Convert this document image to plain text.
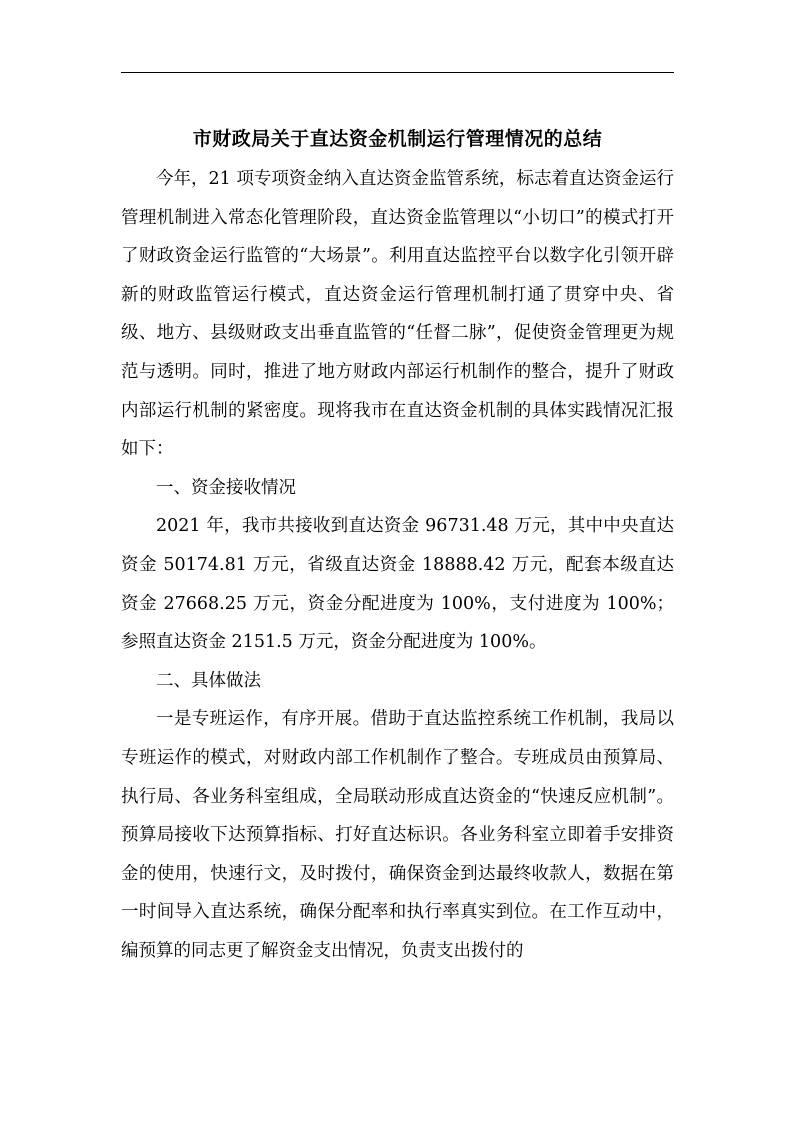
市财政局关于直达资金机制运行管理情况的总结

今年，21 项专项资金纳入直达资金监管系统，标志着直达资金运行管理机制进入常态化管理阶段，直达资金监管理以“小切口”的模式打开了财政资金运行监管的“大场景”。利用直达监控平台以数字化引领开辟新的财政监管运行模式，直达资金运行管理机制打通了贯穿中央、省级、地方、县级财政支出垂直监管的“任督二脉”，促使资金管理更为规范与透明。同时，推进了地方财政内部运行机制作的整合，提升了财政内部运行机制的紧密度。现将我市在直达资金机制的具体实践情况汇报如下：

一、资金接收情况

2021 年，我市共接收到直达资金 96731.48 万元，其中中央直达资金 50174.81 万元，省级直达资金 18888.42 万元，配套本级直达资金 27668.25 万元，资金分配进度为 100%，支付进度为 100%；参照直达资金 2151.5 万元，资金分配进度为 100%。

二、具体做法

一是专班运作，有序开展。借助于直达监控系统工作机制，我局以专班运作的模式，对财政内部工作机制作了整合。专班成员由预算局、执行局、各业务科室组成，全局联动形成直达资金的“快速反应机制”。预算局接收下达预算指标、打好直达标识。各业务科室立即着手安排资金的使用，快速行文，及时拨付，确保资金到达最终收款人，数据在第一时间导入直达系统，确保分配率和执行率真实到位。在工作互动中，编预算的同志更了解资金支出情况，负责支出拨付的
